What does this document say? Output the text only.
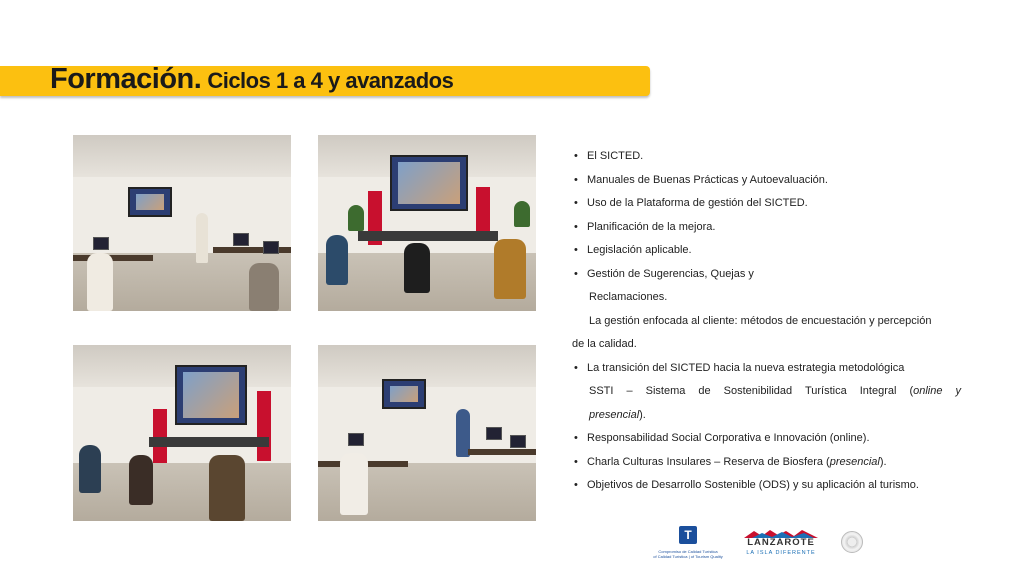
Formación. Ciclos 1 a 4 y avanzados
• El SICTED.
• Manuales de Buenas Prácticas y Autoevaluación.
• Uso de la Plataforma de gestión del SICTED.
• Planificación de la mejora.
• Legislación aplicable.
• Gestión de Sugerencias, Quejas y
Reclamaciones.
La gestión enfocada al cliente: métodos de encuestación y percepción
de la calidad.
• La transición del SICTED hacia la nueva estrategia metodológica
SSTI – Sistema de Sostenibilidad Turística Integral (online y
presencial).
• Responsabilidad Social Corporativa e Innovación (online).
• Charla Culturas Insulares – Reserva de Biosfera (presencial).
• Objetivos de Desarrollo Sostenible (ODS) y su aplicación al turismo.
T
Compromiso de Calidad Turística
of Calidad Turística | of Tourism Quality
LANZAROTE
LA ISLA DIFERENTE
